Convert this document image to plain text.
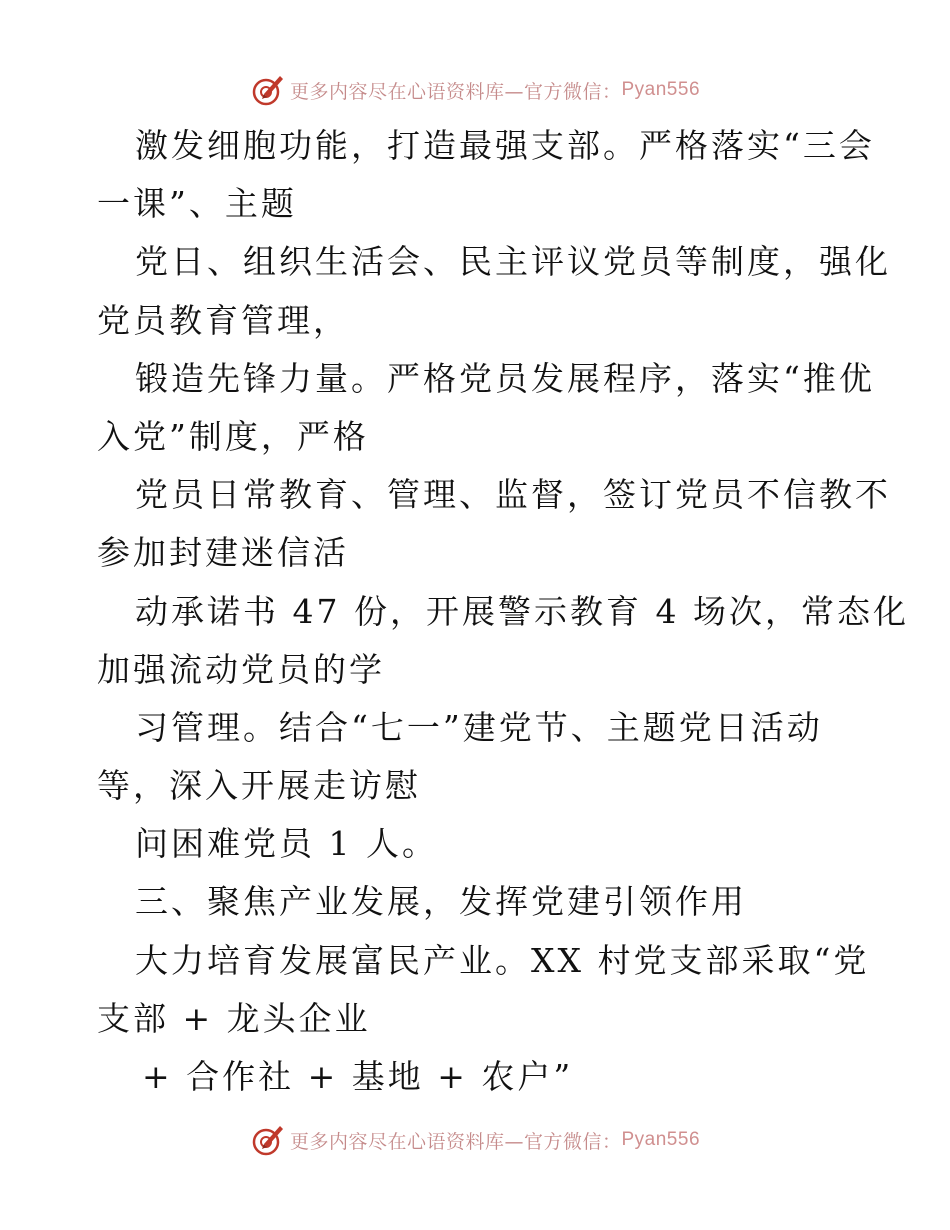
更多内容尽在心语资料库—官方微信： Pyan556
激发细胞功能，打造最强支部。严格落实“三会
一课”、主题
党日、组织生活会、民主评议党员等制度，强化
党员教育管理，
锻造先锋力量。严格党员发展程序，落实“推优
入党”制度，严格
党员日常教育、管理、监督，签订党员不信教不
参加封建迷信活
动承诺书 47 份，开展警示教育 4 场次，常态化
加强流动党员的学
习管理。结合“七一”建党节、主题党日活动
等，深入开展走访慰
问困难党员 1 人。
三、聚焦产业发展，发挥党建引领作用
大力培育发展富民产业。XX 村党支部采取“党
支部 + 龙头企业
+ 合作社 + 基地 + 农户”
更多内容尽在心语资料库—官方微信： Pyan556
